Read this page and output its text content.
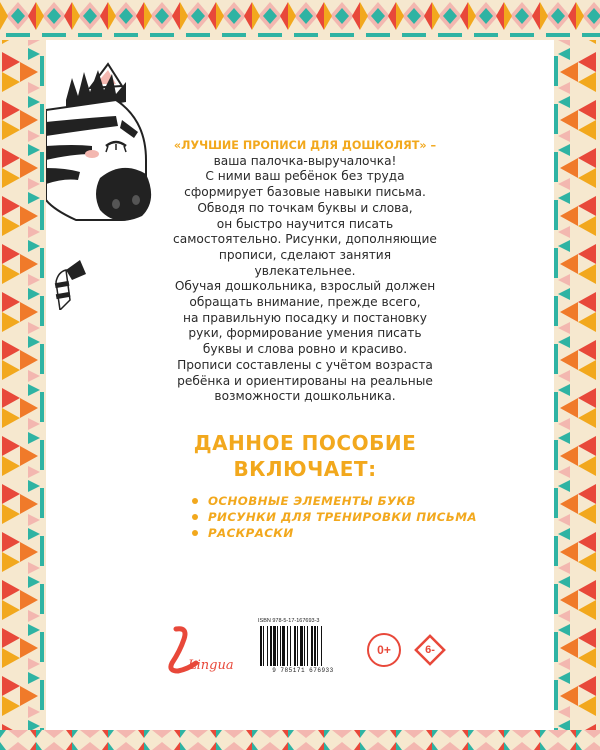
«ЛУЧШИЕ ПРОПИСИ ДЛЯ ДОШКОЛЯТ» –
ваша палочка-выручалочка!
С ними ваш ребёнок без труда
сформирует базовые навыки письма.
Обводя по точкам буквы и слова,
он быстро научится писать
самостоятельно. Рисунки, дополняющие
прописи, сделают занятия
увлекательнее.
Обучая дошкольника, взрослый должен
обращать внимание, прежде всего,
на правильную посадку и постановку
руки, формирование умения писать
буквы и слова ровно и красиво.
Прописи составлены с учётом возраста
ребёнка и ориентированы на реальные
возможности дошкольника.

ДАННОЕ ПОСОБИЕ
ВКЛЮЧАЕТ:

ОСНОВНЫЕ ЭЛЕМЕНТЫ БУКВ
РИСУНКИ ДЛЯ ТРЕНИРОВКИ ПИСЬМА
РАСКРАСКИ
Lingua
ISBN 978-5-17-167693-3
9 785171 676933
0+	6-
